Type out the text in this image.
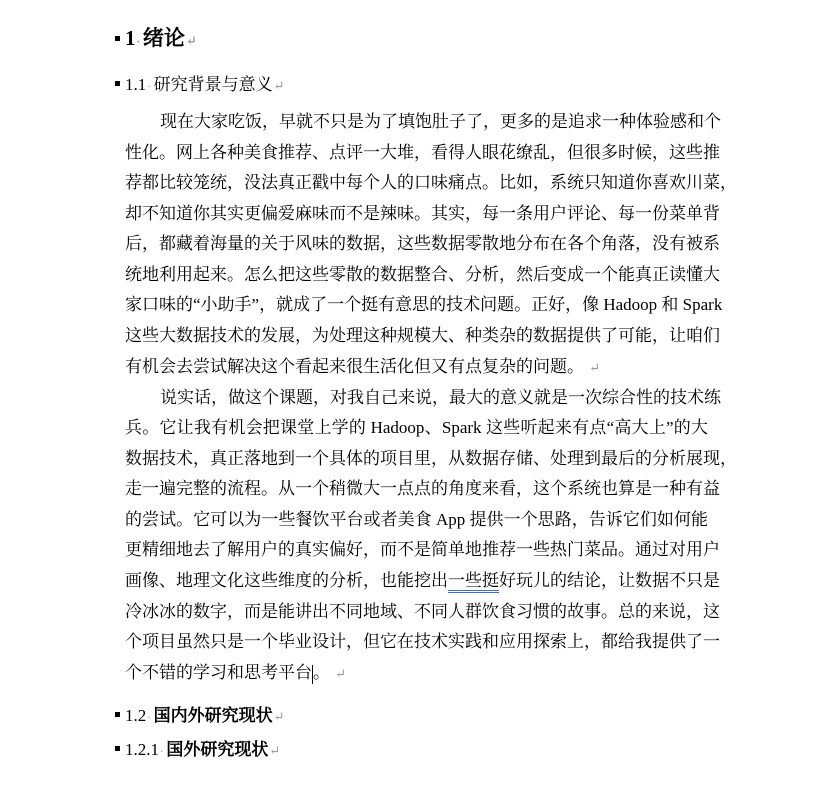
1 · 绪论 ↵
1.1 · 研究背景与意义 ↵
现在大家吃饭，早就不只是为了填饱肚子了，更多的是追求一种体验感和个
性化。网上各种美食推荐、点评一大堆，看得人眼花缭乱，但很多时候，这些推
荐都比较笼统，没法真正戳中每个人的口味痛点。比如，系统只知道你喜欢川菜，
却不知道你其实更偏爱麻味而不是辣味。其实，每一条用户评论、每一份菜单背
后，都藏着海量的关于风味的数据，这些数据零散地分布在各个角落，没有被系
统地利用起来。怎么把这些零散的数据整合、分析，然后变成一个能真正读懂大
家口味的“小助手”，就成了一个挺有意思的技术问题。正好，像 Hadoop 和 Spark
这些大数据技术的发展，为处理这种规模大、种类杂的数据提供了可能，让咱们
有机会去尝试解决这个看起来很生活化但又有点复杂的问题。 ↵
说实话，做这个课题，对我自己来说，最大的意义就是一次综合性的技术练
兵。它让我有机会把课堂上学的 Hadoop、Spark 这些听起来有点“高大上”的大
数据技术，真正落地到一个具体的项目里，从数据存储、处理到最后的分析展现，
走一遍完整的流程。从一个稍微大一点点的角度来看，这个系统也算是一种有益
的尝试。它可以为一些餐饮平台或者美食 App 提供一个思路，告诉它们如何能
更精细地去了解用户的真实偏好，而不是简单地推荐一些热门菜品。通过对用户
画像、地理文化这些维度的分析，也能挖出一些挺好玩儿的结论，让数据不只是
冷冰冰的数字，而是能讲出不同地域、不同人群饮食习惯的故事。总的来说，这
个项目虽然只是一个毕业设计，但它在技术实践和应用探索上，都给我提供了一
个不错的学习和思考平台。 ↵
1.2 · 国内外研究现状 ↵
1.2.1 · 国外研究现状 ↵
